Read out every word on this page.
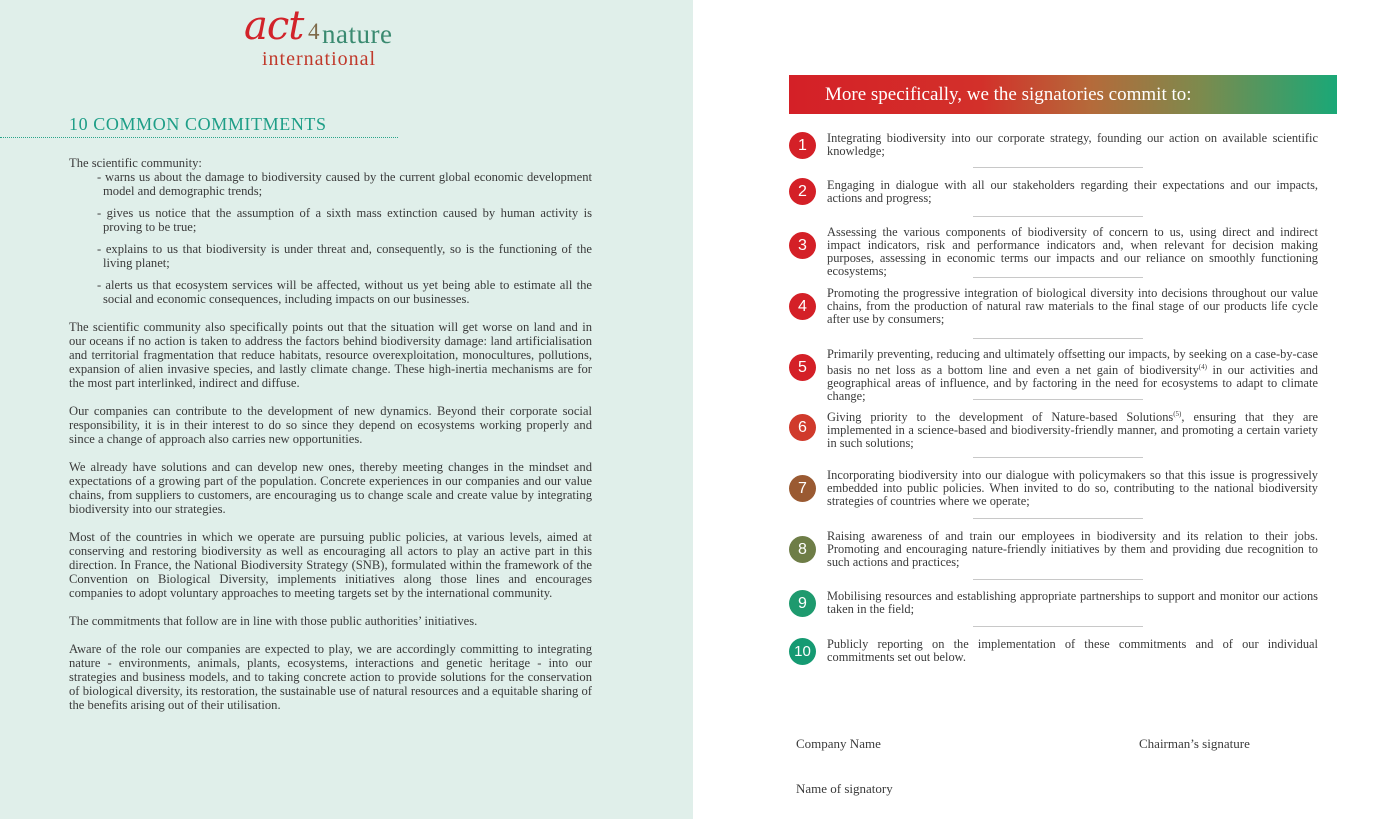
act 4 nature
international
10 COMMON COMMITMENTS

The scientific community:

- warns us about the damage to biodiversity caused by the current global economic development model and demographic trends;
- gives us notice that the assumption of a sixth mass extinction caused by human activity is proving to be true;
- explains to us that biodiversity is under threat and, consequently, so is the functioning of the living planet;
- alerts us that ecosystem services will be affected, without us yet being able to estimate all the social and economic consequences, including impacts on our businesses.

The scientific community also specifically points out that the situation will get worse on land and in our oceans if no action is taken to address the factors behind biodiversity damage: land artificialisation and territorial fragmentation that reduce habitats, resource overexploitation, monocultures, pollutions, expansion of alien invasive species, and lastly climate change. These high-inertia mechanisms are for the most part interlinked, indirect and diffuse.

Our companies can contribute to the development of new dynamics. Beyond their corporate social responsibility, it is in their interest to do so since they depend on ecosystems working properly and since a change of approach also carries new opportunities.

We already have solutions and can develop new ones, thereby meeting changes in the mindset and expectations of a growing part of the population. Concrete experiences in our companies and our value chains, from suppliers to customers, are encouraging us to change scale and create value by integrating biodiversity into our strategies.

Most of the countries in which we operate are pursuing public policies, at various levels, aimed at conserving and restoring biodiversity as well as encouraging all actors to play an active part in this direction. In France, the National Biodiversity Strategy (SNB), formulated within the framework of the Convention on Biological Diversity, implements initiatives along those lines and encourages companies to adopt voluntary approaches to meeting targets set by the international community.

The commitments that follow are in line with those public authorities’ initiatives.

Aware of the role our companies are expected to play, we are accordingly committing to integrating nature - environments, animals, plants, ecosystems, interactions and genetic heritage - into our strategies and business models, and to taking concrete action to provide solutions for the conservation of biological diversity, its restoration, the sustainable use of natural resources and a equitable sharing of the benefits arising out of their utilisation.

More specifically, we the signatories commit to:
1	Integrating biodiversity into our corporate strategy, founding our action on available scientific knowledge;
2	Engaging in dialogue with all our stakeholders regarding their expectations and our impacts, actions and progress;
3
Assessing the various components of biodiversity of concern to us, using direct and indirect impact indicators, risk and performance indicators and, when relevant for decision making purposes, assessing in economic terms our impacts and our reliance on smoothly functioning ecosystems;
4
Promoting the progressive integration of biological diversity into decisions throughout our value chains, from the production of natural raw materials to the final stage of our products life cycle after use by consumers;
5
Primarily preventing, reducing and ultimately offsetting our impacts, by seeking on a case-by-case basis no net loss as a bottom line and even a net gain of biodiversity$^{(4)}$ in our activities and geographical areas of influence, and by factoring in the need for ecosystems to adapt to climate change;
6
Giving priority to the development of Nature-based Solutions$^{(5)}$, ensuring that they are implemented in a science-based and biodiversity-friendly manner, and promoting a certain variety in such solutions;
7
Incorporating biodiversity into our dialogue with policymakers so that this issue is progressively embedded into public policies. When invited to do so, contributing to the national biodiversity strategies of countries where we operate;
8
Raising awareness of and train our employees in biodiversity and its relation to their jobs. Promoting and encouraging nature-friendly initiatives by them and providing due recognition to such actions and practices;
9	Mobilising resources and establishing appropriate partnerships to support and monitor our actions taken in the field;
10	Publicly reporting on the implementation of these commitments and of our individual commitments set out below.
Company Name	Chairman’s signature
Name of signatory
